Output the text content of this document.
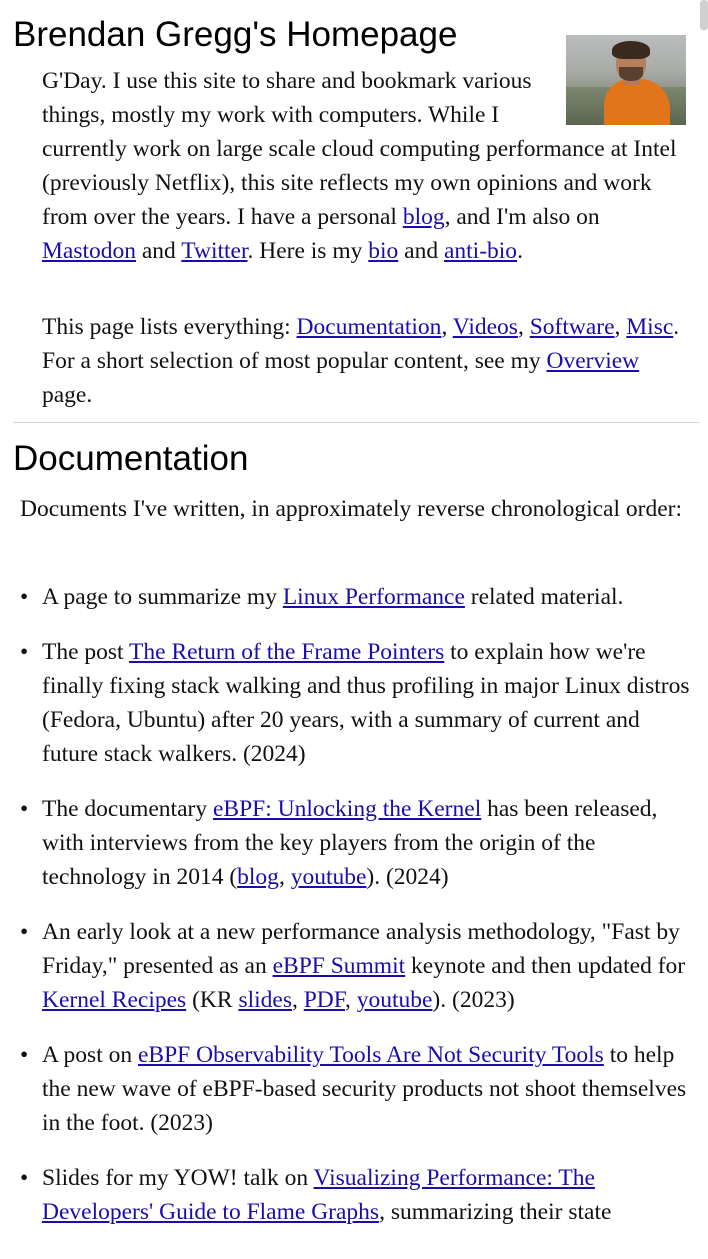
Brendan Gregg's Homepage

G'Day. I use this site to share and bookmark various things, mostly my work with computers. While I currently work on large scale cloud computing performance at Intel (previously Netflix), this site reflects my own opinions and work from over the years. I have a personal blog, and I'm also on Mastodon and Twitter. Here is my bio and anti-bio.

This page lists everything: Documentation, Videos, Software, Misc. For a short selection of most popular content, see my Overview page.

Documentation

Documents I've written, in approximately reverse chronological order:

• A page to summarize my Linux Performance related material.
• The post The Return of the Frame Pointers to explain how we're finally fixing stack walking and thus profiling in major Linux distros (Fedora, Ubuntu) after 20 years, with a summary of current and future stack walkers. (2024)
• The documentary eBPF: Unlocking the Kernel has been released, with interviews from the key players from the origin of the technology in 2014 (blog, youtube). (2024)
• An early look at a new performance analysis methodology, "Fast by Friday," presented as an eBPF Summit keynote and then updated for Kernel Recipes (KR slides, PDF, youtube). (2023)
• A post on eBPF Observability Tools Are Not Security Tools to help the new wave of eBPF-based security products not shoot themselves in the foot. (2023)
• Slides for my YOW! talk on Visualizing Performance: The Developers' Guide to Flame Graphs, summarizing their state
